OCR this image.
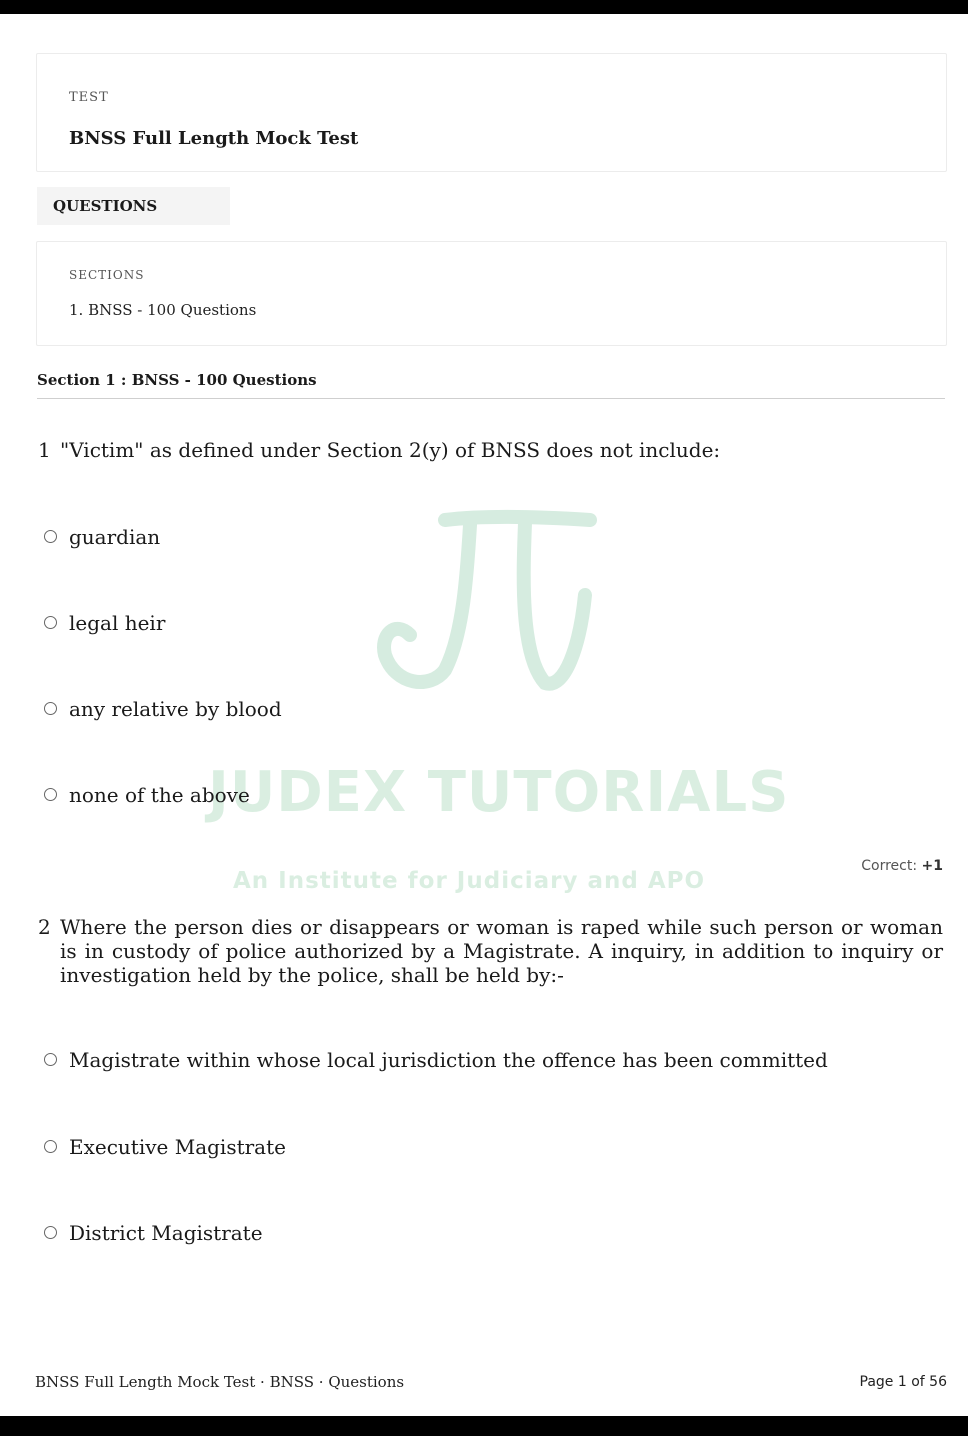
TEST
BNSS Full Length Mock Test
QUESTIONS
SECTIONS
1. BNSS - 100 Questions
Section 1 : BNSS - 100 Questions
JUDEX TUTORIALS
An Institute for Judiciary and APO
1 "Victim" as defined under Section 2(y) of BNSS does not include:
guardian
legal heir
any relative by blood
none of the above
Correct: +1
2 Where the person dies or disappears or woman is raped while such person or woman is in custody of police authorized by a Magistrate. A inquiry, in addition to inquiry or investigation held by the police, shall be held by:-
Magistrate within whose local jurisdiction the offence has been committed
Executive Magistrate
District Magistrate
BNSS Full Length Mock Test · BNSS · Questions	Page 1 of 56
